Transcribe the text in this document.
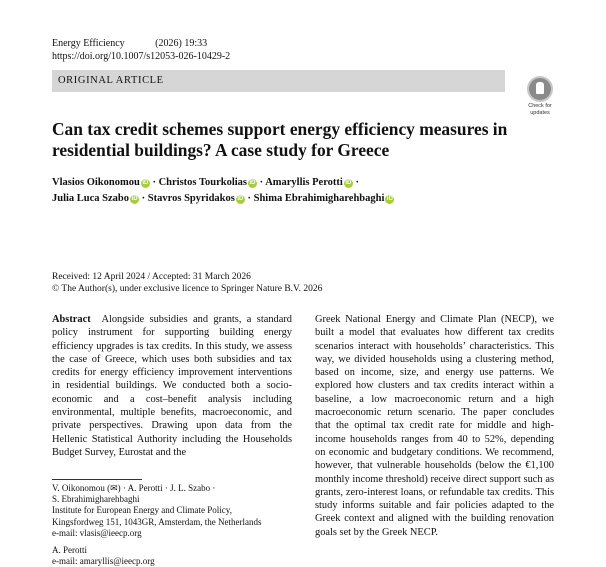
Energy Efficiency	(2026) 19:33
https://doi.org/10.1007/s12053-026-10429-2
ORIGINAL ARTICLE
Check for
updates
Can tax credit schemes support energy efficiency measures in residential buildings? A case study for Greece
Vlasios Oikonomou iD · Christos Tourkolias iD · Amaryllis Perotti iD ·
Julia Luca Szabo iD · Stavros Spyridakos iD · Shima Ebrahimigharehbaghi iD
Received: 12 April 2024 / Accepted: 31 March 2026
© The Author(s), under exclusive licence to Springer Nature B.V. 2026
Abstract Alongside subsidies and grants, a standard policy instrument for supporting building energy efficiency upgrades is tax credits. In this study, we assess the case of Greece, which uses both subsidies and tax credits for energy efficiency improvement interventions in residential buildings. We conducted both a socio-economic and a cost–benefit analysis including environmental, multiple benefits, macroeconomic, and private perspectives. Drawing upon data from the Hellenic Statistical Authority including the Households Budget Survey, Eurostat and the
Greek National Energy and Climate Plan (NECP), we built a model that evaluates how different tax credits scenarios interact with households’ characteristics. This way, we divided households using a clustering method, based on income, size, and energy use patterns. We explored how clusters and tax credits interact within a baseline, a low macroeconomic return and a high macroeconomic return scenario. The paper concludes that the optimal tax credit rate for middle and high-income households ranges from 40 to 52%, depending on economic and budgetary conditions. We recommend, however, that vulnerable households (below the €1,100 monthly income threshold) receive direct support such as grants, zero-interest loans, or refundable tax credits. This study informs suitable and fair policies adapted to the Greek context and aligned with the building renovation goals set by the Greek NECP.
V. Oikonomou (✉) · A. Perotti · J. L. Szabo ·
S. Ebrahimigharehbaghi
Institute for European Energy and Climate Policy,
Kingsfordweg 151, 1043GR, Amsterdam, the Netherlands
e-mail: vlasis@ieecp.org
A. Perotti
e-mail: amaryllis@ieecp.org
